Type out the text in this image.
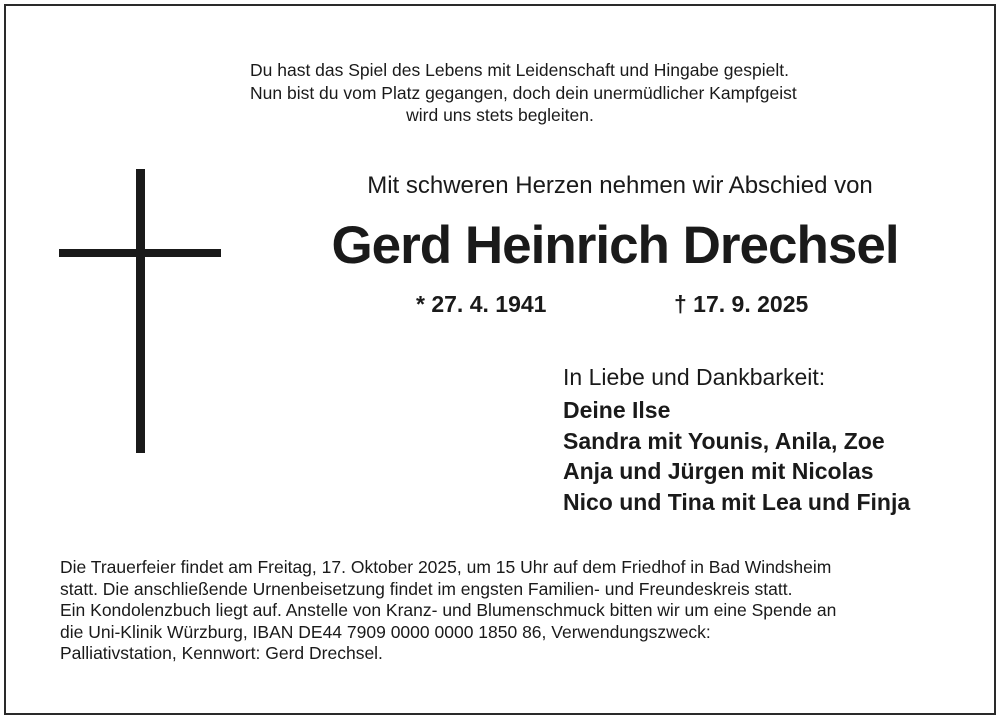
Du hast das Spiel des Lebens mit Leidenschaft und Hingabe gespielt.
Nun bist du vom Platz gegangen, doch dein unermüdlicher Kampfgeist
wird uns stets begleiten.
Mit schweren Herzen nehmen wir Abschied von
Gerd Heinrich Drechsel
* 27. 4. 1941	† 17. 9. 2025
In Liebe und Dankbarkeit:
Deine Ilse
Sandra mit Younis, Anila, Zoe
Anja und Jürgen mit Nicolas
Nico und Tina mit Lea und Finja
Die Trauerfeier findet am Freitag, 17. Oktober 2025, um 15 Uhr auf dem Friedhof in Bad Windsheim
statt. Die anschließende Urnenbeisetzung findet im engsten Familien- und Freundeskreis statt.
Ein Kondolenzbuch liegt auf. Anstelle von Kranz- und Blumenschmuck bitten wir um eine Spende an
die Uni-Klinik Würzburg, IBAN DE44 7909 0000 0000 1850 86, Verwendungszweck:
Palliativstation, Kennwort: Gerd Drechsel.
